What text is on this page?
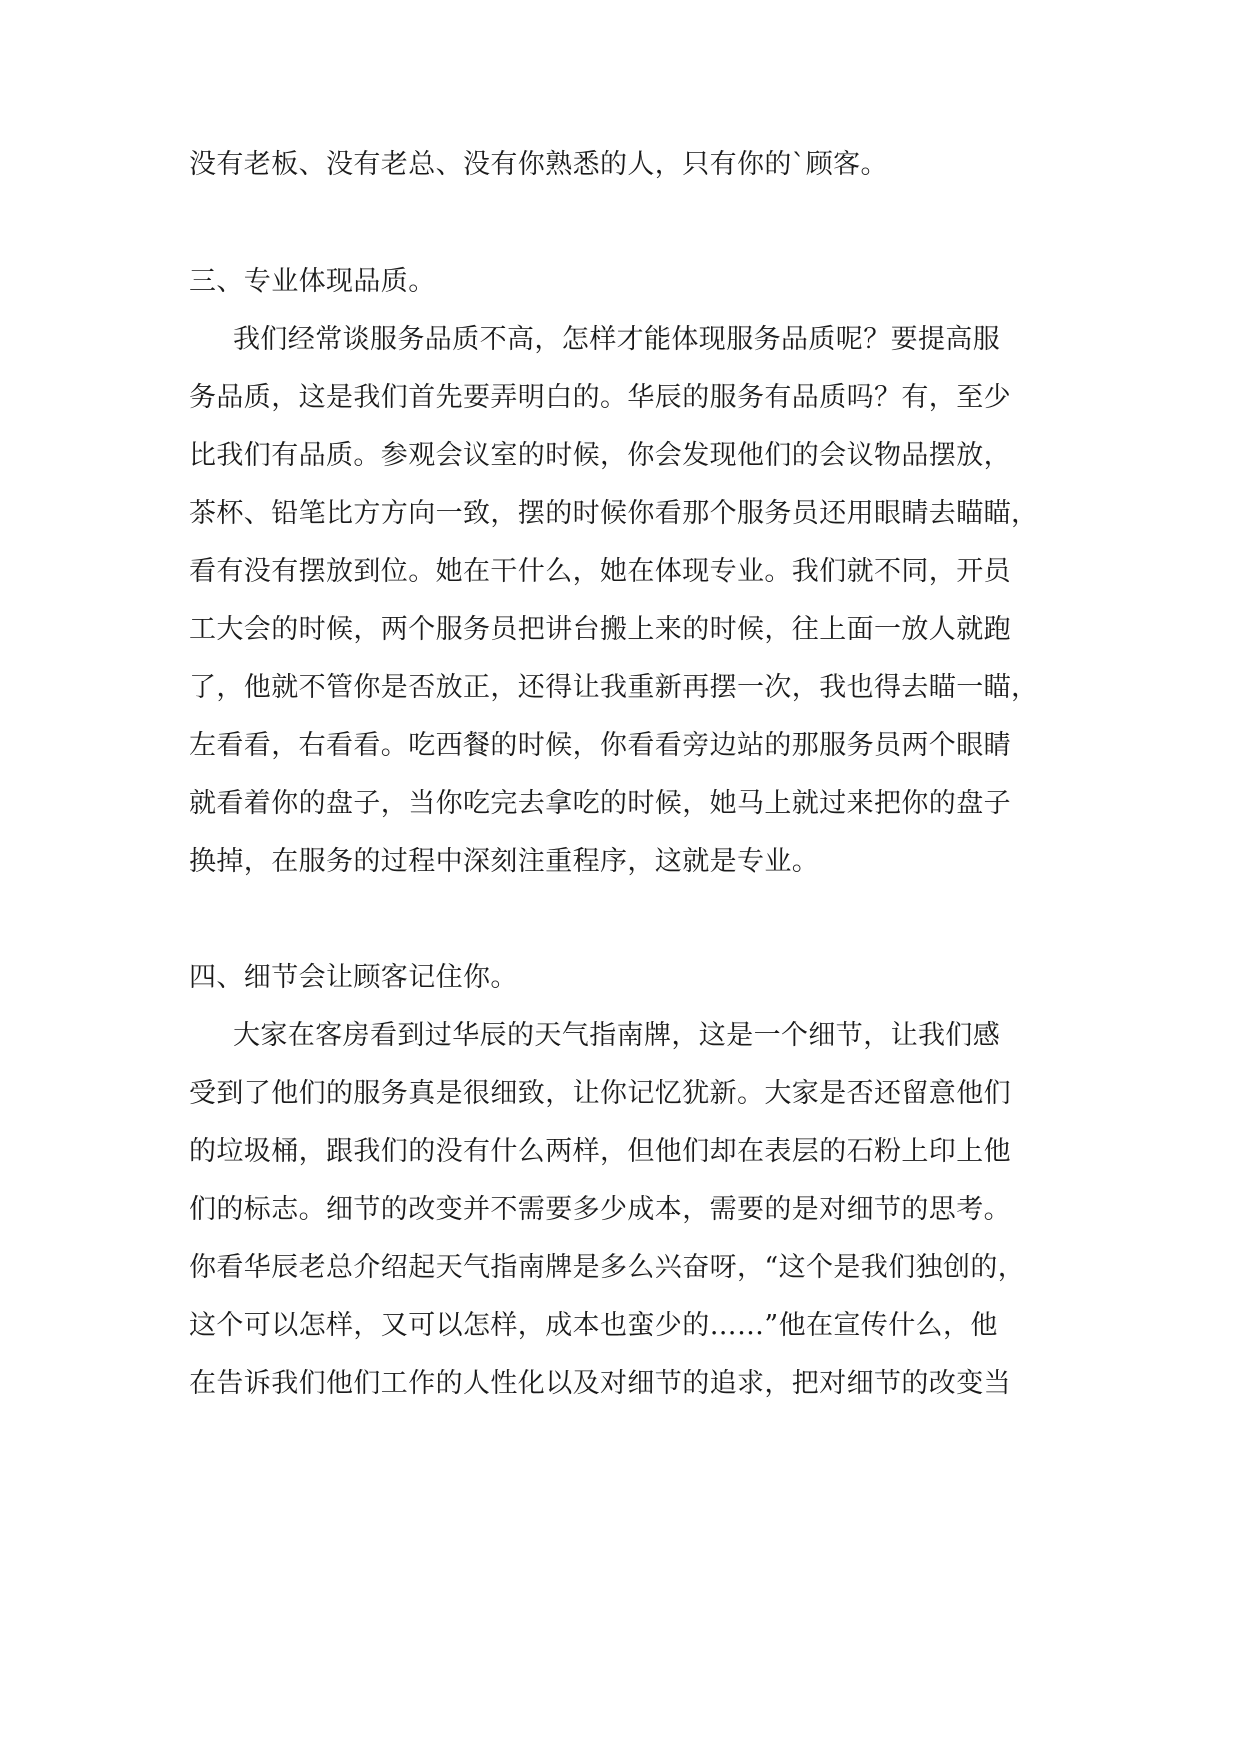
没有老板、没有老总、没有你熟悉的人，只有你的`顾客。
三、专业体现品质。
我们经常谈服务品质不高，怎样才能体现服务品质呢？要提高服
务品质，这是我们首先要弄明白的。华辰的服务有品质吗？有，至少
比我们有品质。参观会议室的时候，你会发现他们的会议物品摆放，
茶杯、铅笔比方方向一致，摆的时候你看那个服务员还用眼睛去瞄瞄，
看有没有摆放到位。她在干什么，她在体现专业。我们就不同，开员
工大会的时候，两个服务员把讲台搬上来的时候，往上面一放人就跑
了，他就不管你是否放正，还得让我重新再摆一次，我也得去瞄一瞄，
左看看，右看看。吃西餐的时候，你看看旁边站的那服务员两个眼睛
就看着你的盘子，当你吃完去拿吃的时候，她马上就过来把你的盘子
换掉，在服务的过程中深刻注重程序，这就是专业。
四、细节会让顾客记住你。
大家在客房看到过华辰的天气指南牌，这是一个细节，让我们感
受到了他们的服务真是很细致，让你记忆犹新。大家是否还留意他们
的垃圾桶，跟我们的没有什么两样，但他们却在表层的石粉上印上他
们的标志。细节的改变并不需要多少成本，需要的是对细节的思考。
你看华辰老总介绍起天气指南牌是多么兴奋呀，“这个是我们独创的，
这个可以怎样，又可以怎样，成本也蛮少的……”他在宣传什么，他
在告诉我们他们工作的人性化以及对细节的追求，把对细节的改变当
